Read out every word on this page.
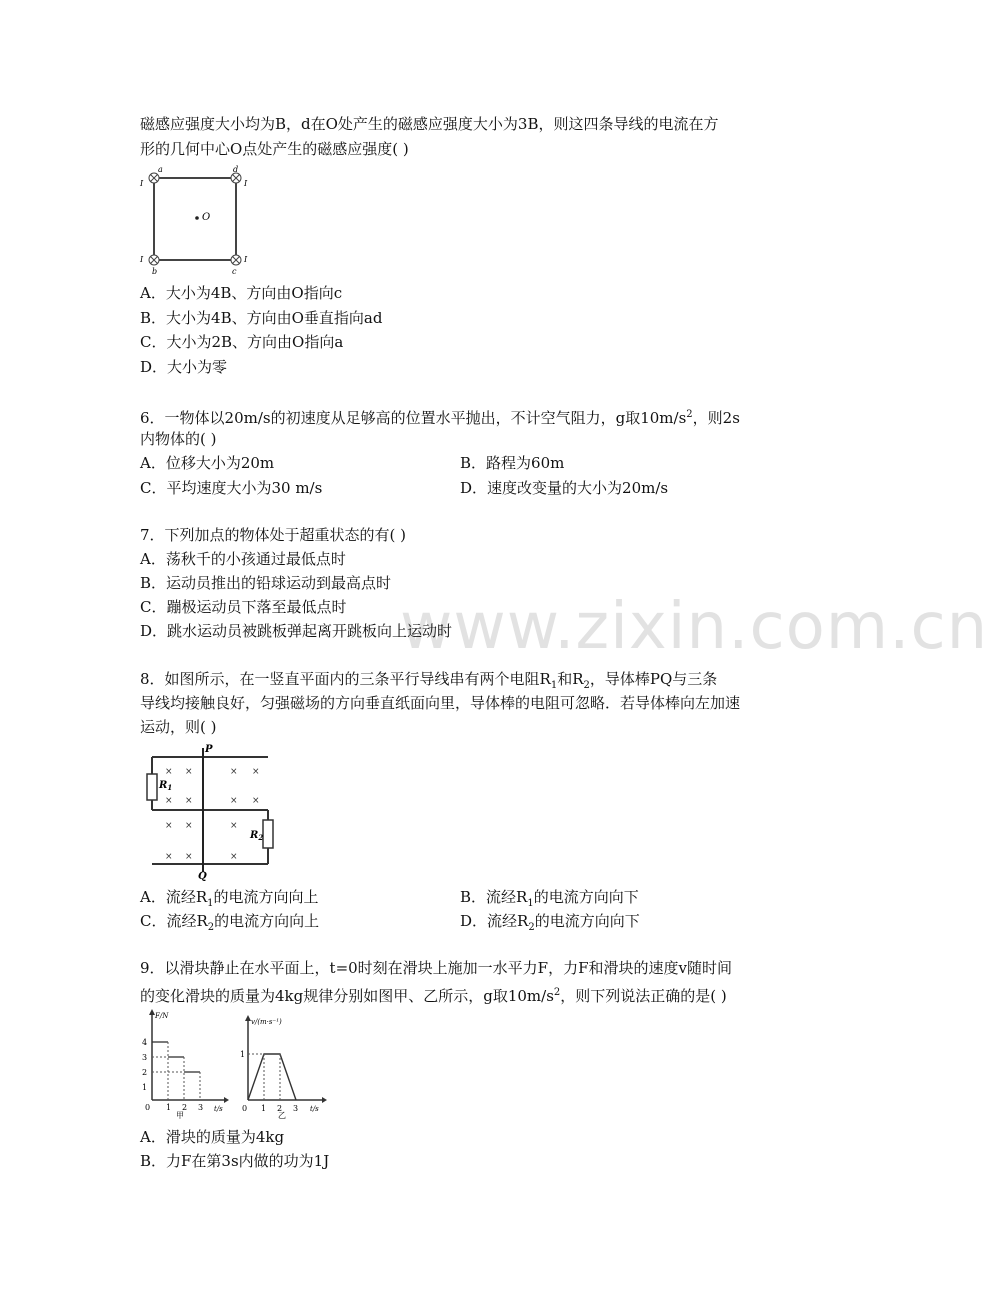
www.zixin.com.cn
磁感应强度大小均为B，d在O处产生的磁感应强度大小为3B，则这四条导线的电流在方
形的几何中心O点处产生的磁感应强度( )
O
a	d
b	c
I
I
I
I
A．大小为4B、方向由O指向c
B．大小为4B、方向由O垂直指向ad
C．大小为2B、方向由O指向a
D．大小为零
6．一物体以20m/s的初速度从足够高的位置水平抛出，不计空气阻力，g取$10m/s^2$，则2s
内物体的( )
A．位移大小为20m	B．路程为60m
C．平均速度大小为30 m/s	D．速度改变量的大小为20m/s
7．下列加点的物体处于超重状态的有( )
A．荡秋千的小孩通过最低点时
B．运动员推出的铅球运动到最高点时
C．蹦极运动员下落至最低点时
D．跳水运动员被跳板弹起离开跳板向上运动时
8．如图所示，在一竖直平面内的三条平行导线串有两个电阻$R_1$和$R_2$，导体棒PQ与三条
导线均接触良好，匀强磁场的方向垂直纸面向里，导体棒的电阻可忽略．若导体棒向左加速
运动，则( )
× ×	× ×
× ×	× ×
× ×	×
× ×	×
P
Q
$R_1$
$R_2$
A．流经$R_1$的电流方向向上	B．流经$R_1$的电流方向向下
C．流经$R_2$的电流方向向上	D．流经$R_2$的电流方向向下
9．以滑块静止在水平面上，t=0时刻在滑块上施加一水平力F，力F和滑块的速度v随时间
的变化滑块的质量为4kg规律分别如图甲、乙所示，g取$10m/s^2$，则下列说法正确的是( )
F/N
t/s
4
3
2
1
0 1 2 3
甲
v/(m·s⁻¹)
t/s
1
0 1 2 3
乙
A．滑块的质量为4kg
B．力F在第3s内做的功为1J
